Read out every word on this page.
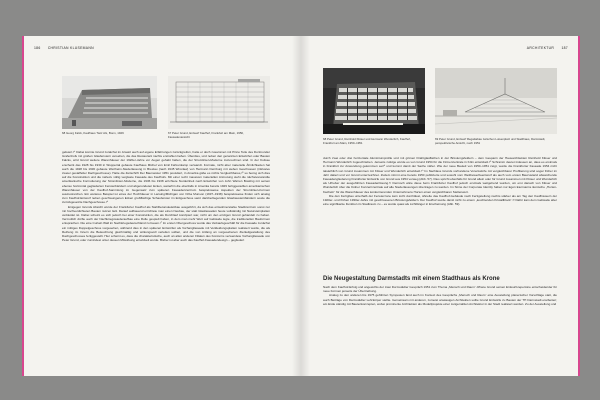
186 CHRISTIAN KLUSEMANN
68 Georg Falck, Kaufhaus Tietz AG, Bonn, 1929	67 Peter Grund, Entwurf Kaufhof, Frankfurt am Main, 1950, Fassadenansicht

gefeiert.²⁴ Dabei konnte Grund zunächst im Ansatz auch auf eigene Erfahrungen zurückgreifen, hatte er doch zusammen mit Pinno Teile des Dortmunder Grafenhofs mit großen Glasfenstern versehen, die das Restaurant nachts erstrahlen ließen. Überdies, und neben den genannten Entwürfen oder Bauten Falcks, wird Grund weitere Warenhäuser der 1920er-Jahre vor Augen gehabt haben, die der Stromlinien-Moderne zuzurechnen sind. In der Kulisse erscheint das 1928 bis 1930 in Wuppertal gebaute Kaufhaus Michel von Emil Fahrenkamp verwandt. Formale, nicht aber materielle Ähnlichkeiten hat auch die 1928 bis 1930 gebaute Wertheim-Niederlassung in Breslau (nach 1945 Wrocław) von Hermann Dernburg mit sieben Geschossen (inklusive zweier gestaffelter Dachgeschosse). Hatte die Zeitschrift Der Baumeister 1951 postuliert, in Amerika gäbe es nichts Vergleichbares,²⁵ so bezog sich dies auf die Konstruktion und die nahezu völlig verglaste Fassade des Kaufhofs. Mit einer recht massiven materiellen Anmutung steht die nächstverwandte amerikanische Formulierung der Stromlinien-Moderne, die 1936 bis 1938 errichtete Nordeinheit nach Entwürfen von John Warren Bowling mit seinen ebenso horizontal gegliederten Fensterbändern und abgerundeten Ecken, weiterhin die ebenfalls in Amerika bereits 1929 fertiggestellten amerikanischen Warenhäuser von der Kaufhof-Sammlung im Gegensatz zum späteren Fassadenzentrum beispielsweise Aspekten der Stromlinien-Formen auszustreichen. Ein weiteres Beispiel ist eines der Hochhäuser in Lansing/Michigan von Orba Munson (1937–1938) beispielsweise finden sich analog zum Kaufhof-Entwurf neben geschwungenen Ecken großflächige Schaufenster im Erdgeschoss samt darüberliegenden Glasbausteinbändern sowie die zurückgesetzte Dachgeschosse.²⁶

Entgegen Grunds Absicht wurde der Frankfurter Kaufhof als Stahlbetonskelettbau ausgeführt, da sich das einwohnerstarke Stadtzentrum sonst nur mit hochverdichteten Bauten nutzen ließ. Darauf aufbauend errichtete man einen Neubau, der statt Glasfassaden heute vollständig mit Natursteinplatten verkleidet ist. Dabei scheint es sich jedoch bei einer Konstruktion, die als Durchlauf konzipiert war, nicht um den einzigen Grund gehandelt zu haben. Vermutlich dürfte auch der Nachkriegswiederaufbau eine Rolle gespielt haben, in dem man mehr Wert auf Gebäude legte, die traditionellen Bauformen entsprachen. Die eine Curtain Wall im Nachkriegsdeutschland zu bauen.²⁷ Im ersten Obergeschoss wurde das Verkaufsgeschäft für die Fassade zunächst ein mittiges Doppelgeschoss vorgesehen, während dies in den späteren Entwürfen als Vorhangfassade mit Verkleidungsplatten realisiert wurde, die als Reihung im Innern die Beleuchtung gleichmäßig und wirkungsvoll verteilen sollten, und die von Anfang an vorgesehenen Zierkeilgestaltung des Dachgeschosses fertiggestellt. Hier scheint es, dass die charakteristische, auch an allen anderen Filialen des Konzerns verwendete Vorhangfassade von Peter Grund, oder zumindest unter dessen Mitwirkung entwickelt wurde. Bisher ist aber auch das Kaufhof-Fassadendesign – gegliedert

ARCHITEKTUR 187
68 Peter Grund, Reinhold Klüser und Hermann Wunderlich, Kaufhof, Frankfurt am Main, 1950–1951
69 Peter Grund, Entwurf Regattabau zwischen Luisenplatz und Stadthaus, Darmstadt, perspektivische Ansicht, nach 1951

durch zwei oder drei horizontale Aluminiumprofile und mit grünen Drahtglasflächen in der Brüstungsfeldern – dem Gespann der Hausarchitekten Reinhold Klüser und Hermann Wunderlich zugeschrieben. Jenseits zufolge wurde es von Grund 1954 für die Firmenzentrale in Köln entwickelt.²⁸ Schramm deutet indessen an, dass es erstmals in Frankfurt zur Anwendung gekommen sei²⁹ und kommt damit der Sache näher. Wie der neue Bauteil von 1950–1951 zeigt, wurde die Frankfurter Fassade 1954 nicht tatsächlich von Grund zusammen mit Klüser und Wunderlich entwickelt.³⁰ Im Nachlass Grunds vorhandene Vorentwürfe mit vergleichbarer Profilierung sind sogar früher im Jahr datiert und vor Grund unterzeichnet. Zudem nimmt eine bereits 1950 publizierte und sowohl vom Wettbewerbsentwurf als auch vom ersten Bauzustand abweichende Fassadengliederung Frankfurter Entwürfe von Grund aus 1954 vorweg (Abb. 57). Dies spricht ebenfalls für Grund allein oder für Grund zusammen mit Klüser und Wunderlich als Urheber der ausgeführten Fassadenlösung.³¹ Dennoch wäre diese beim Frankfurter Kaufhof jedoch erstmals weitgehend wurden, um erst danach von Klüser und Wunderlich über die Kölner Konzernzentrale auf alle Niederlassungen übertragen zu werden. Im Sinne der Corporate Identity haben nur Egon Eiermanns ikonische „Horten-Kacheln“ für die Warenhäuser des konkurrierenden Unternehmens Horten einen vergleichbaren Stellenwert.

Die den Fertigbau unterhalb der Fensterzone kein Licht durchlässt, ähnelte das Kaufhof-Gebäude nach Fertigstellung nachts stärker als am Tag den Kaufhäusern der 1920er- und frühen 1930er-Jahre mit geschlossenen Brüstungsfeldern. Der Kaufhof wurde damit nicht zu einem „leuchtenden Kristallblock“.³² Dafür kam dem Gebäude aber eine signifikante Funktion im Stadtraum zu – es wurde quasi als Lichtfänger in Erscheinung (Abb. 59).

Die Neugestaltung Darmstadts mit einem Stadthaus als Krone

Nach dem Kaufhof-Erfolg und angesichts der zwei Dormstädter Gespräch 1951 zum Thema „Mensch und Raum“ öffnete Grund seinen Entwurfsrepertoire entscheidender für neue Formen jenseits der Übertreibung.

Analog zu den anderen bis 1975 geführten Symposien fand auch im Kontext des Gesprächs „Mensch und Raum“ eine Ausstellung planerischer Vorschläge statt, die auch Beiträge von Darmstädter Lehrkörper stellte. Gemeinsam mit anderen, zumeist ansässigen Architekten sollte Grund Entwürfe zu Bauten der TH Darmstadt erarbeiten; am Ende ständig mit Bautenkonzepten, wobei prominente Architekten als Modellprojekte einer zeitgemäßen Architektur in der Stadt realisiert werden. Zu der Ausstellung und
